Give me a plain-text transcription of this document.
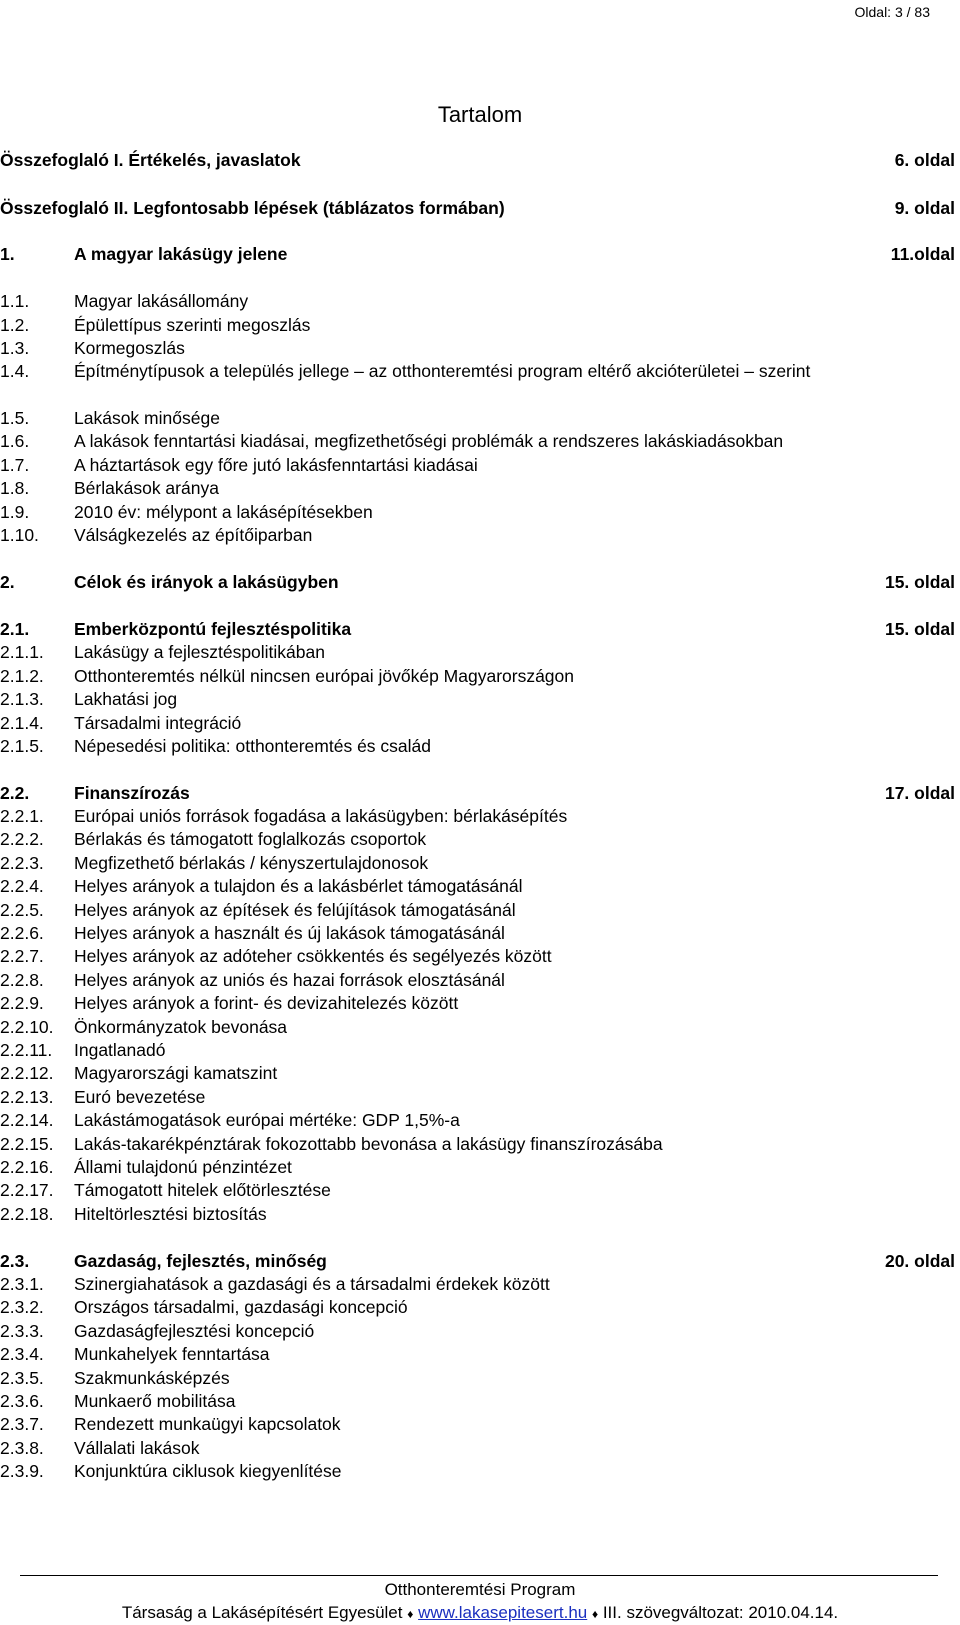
Oldal: 3 / 83
Tartalom
Összefoglaló I. Értékelés, javaslatok	6. oldal
Összefoglaló II. Legfontosabb lépések (táblázatos formában)	9. oldal
1.	A magyar lakásügy jelene	11.oldal
1.1.	Magyar lakásállomány
1.2.	Épülettípus szerinti megoszlás
1.3.	Kormegoszlás
1.4.	Építménytípusok a település jellege – az otthonteremtési program eltérő akcióterületei – szerint
1.5.	Lakások minősége
1.6.	A lakások fenntartási kiadásai, megfizethetőségi problémák a rendszeres lakáskiadásokban
1.7.	A háztartások egy főre jutó lakásfenntartási kiadásai
1.8.	Bérlakások aránya
1.9.	2010 év: mélypont a lakásépítésekben
1.10. Válságkezelés az építőiparban
2.	Célok és irányok a lakásügyben	15. oldal
2.1.	Emberközpontú fejlesztéspolitika	15. oldal
2.1.1. Lakásügy a fejlesztéspolitikában
2.1.2. Otthonteremtés nélkül nincsen európai jövőkép Magyarországon
2.1.3. Lakhatási jog
2.1.4. Társadalmi integráció
2.1.5. Népesedési politika: otthonteremtés és család
2.2.	Finanszírozás	17. oldal
2.2.1. Európai uniós források fogadása a lakásügyben: bérlakásépítés
2.2.2. Bérlakás és támogatott foglalkozás csoportok
2.2.3. Megfizethető bérlakás / kényszertulajdonosok
2.2.4. Helyes arányok a tulajdon és a lakásbérlet támogatásánál
2.2.5. Helyes arányok az építések és felújítások támogatásánál
2.2.6. Helyes arányok a használt és új lakások támogatásánál
2.2.7. Helyes arányok az adóteher csökkentés és segélyezés között
2.2.8. Helyes arányok az uniós és hazai források elosztásánál
2.2.9. Helyes arányok a forint- és devizahitelezés között
2.2.10. Önkormányzatok bevonása
2.2.11. Ingatlanadó
2.2.12. Magyarországi kamatszint
2.2.13. Euró bevezetése
2.2.14. Lakástámogatások európai mértéke: GDP 1,5%-a
2.2.15. Lakás-takarékpénztárak fokozottabb bevonása a lakásügy finanszírozásába
2.2.16. Állami tulajdonú pénzintézet
2.2.17. Támogatott hitelek előtörlesztése
2.2.18. Hiteltörlesztési biztosítás
2.3.	Gazdaság, fejlesztés, minőség	20. oldal
2.3.1. Szinergiahatások a gazdasági és a társadalmi érdekek között
2.3.2. Országos társadalmi, gazdasági koncepció
2.3.3. Gazdaságfejlesztési koncepció
2.3.4. Munkahelyek fenntartása
2.3.5. Szakmunkásképzés
2.3.6. Munkaerő mobilitása
2.3.7. Rendezett munkaügyi kapcsolatok
2.3.8. Vállalati lakások
2.3.9. Konjunktúra ciklusok kiegyenlítése
Otthonteremtési Program
Társaság a Lakásépítésért Egyesület ♦ www.lakasepitesert.hu ♦ III. szövegváltozat: 2010.04.14.
